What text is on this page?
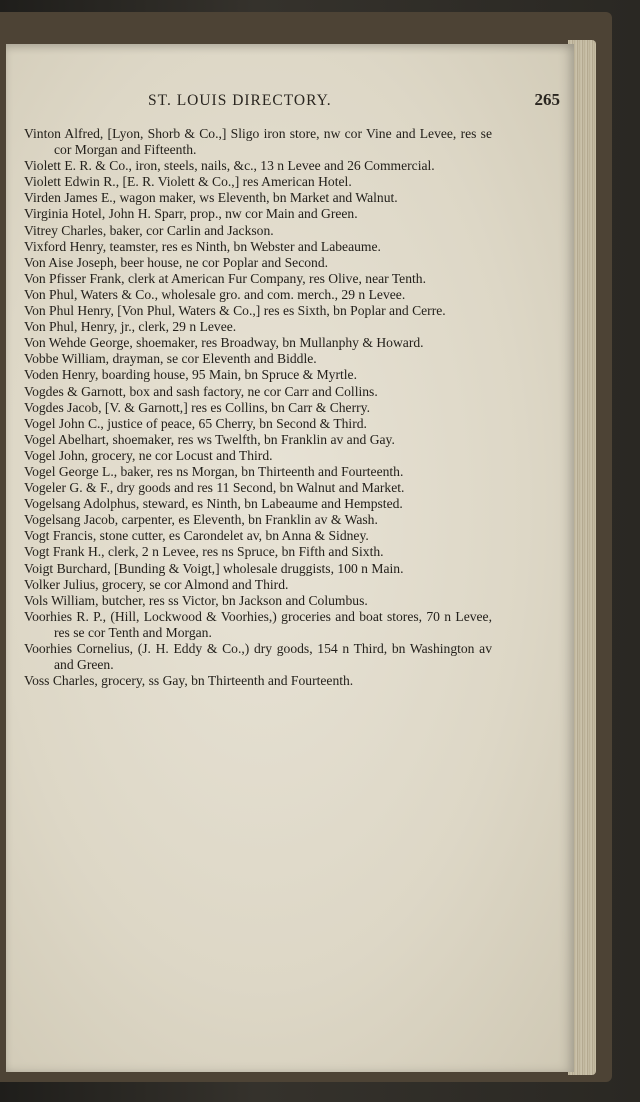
ST. LOUIS DIRECTORY.	265
Vinton Alfred, [Lyon, Shorb & Co.,] Sligo iron store, nw cor Vine and Levee, res se cor Morgan and Fifteenth.
Violett E. R. & Co., iron, steels, nails, &c., 13 n Levee and 26 Commercial.
Violett Edwin R., [E. R. Violett & Co.,] res American Hotel.
Virden James E., wagon maker, ws Eleventh, bn Market and Walnut.
Virginia Hotel, John H. Sparr, prop., nw cor Main and Green.
Vitrey Charles, baker, cor Carlin and Jackson.
Vixford Henry, teamster, res es Ninth, bn Webster and Labeaume.
Von Aise Joseph, beer house, ne cor Poplar and Second.
Von Pfisser Frank, clerk at American Fur Company, res Olive, near Tenth.
Von Phul, Waters & Co., wholesale gro. and com. merch., 29 n Levee.
Von Phul Henry, [Von Phul, Waters & Co.,] res es Sixth, bn Poplar and Cerre.
Von Phul, Henry, jr., clerk, 29 n Levee.
Von Wehde George, shoemaker, res Broadway, bn Mullanphy & Howard.
Vobbe William, drayman, se cor Eleventh and Biddle.
Voden Henry, boarding house, 95 Main, bn Spruce & Myrtle.
Vogdes & Garnott, box and sash factory, ne cor Carr and Collins.
Vogdes Jacob, [V. & Garnott,] res es Collins, bn Carr & Cherry.
Vogel John C., justice of peace, 65 Cherry, bn Second & Third.
Vogel Abelhart, shoemaker, res ws Twelfth, bn Franklin av and Gay.
Vogel John, grocery, ne cor Locust and Third.
Vogel George L., baker, res ns Morgan, bn Thirteenth and Fourteenth.
Vogeler G. & F., dry goods and res 11 Second, bn Walnut and Market.
Vogelsang Adolphus, steward, es Ninth, bn Labeaume and Hempsted.
Vogelsang Jacob, carpenter, es Eleventh, bn Franklin av & Wash.
Vogt Francis, stone cutter, es Carondelet av, bn Anna & Sidney.
Vogt Frank H., clerk, 2 n Levee, res ns Spruce, bn Fifth and Sixth.
Voigt Burchard, [Bunding & Voigt,] wholesale druggists, 100 n Main.
Volker Julius, grocery, se cor Almond and Third.
Vols William, butcher, res ss Victor, bn Jackson and Columbus.
Voorhies R. P., (Hill, Lockwood & Voorhies,) groceries and boat stores, 70 n Levee, res se cor Tenth and Morgan.
Voorhies Cornelius, (J. H. Eddy & Co.,) dry goods, 154 n Third, bn Washington av and Green.
Voss Charles, grocery, ss Gay, bn Thirteenth and Fourteenth.
